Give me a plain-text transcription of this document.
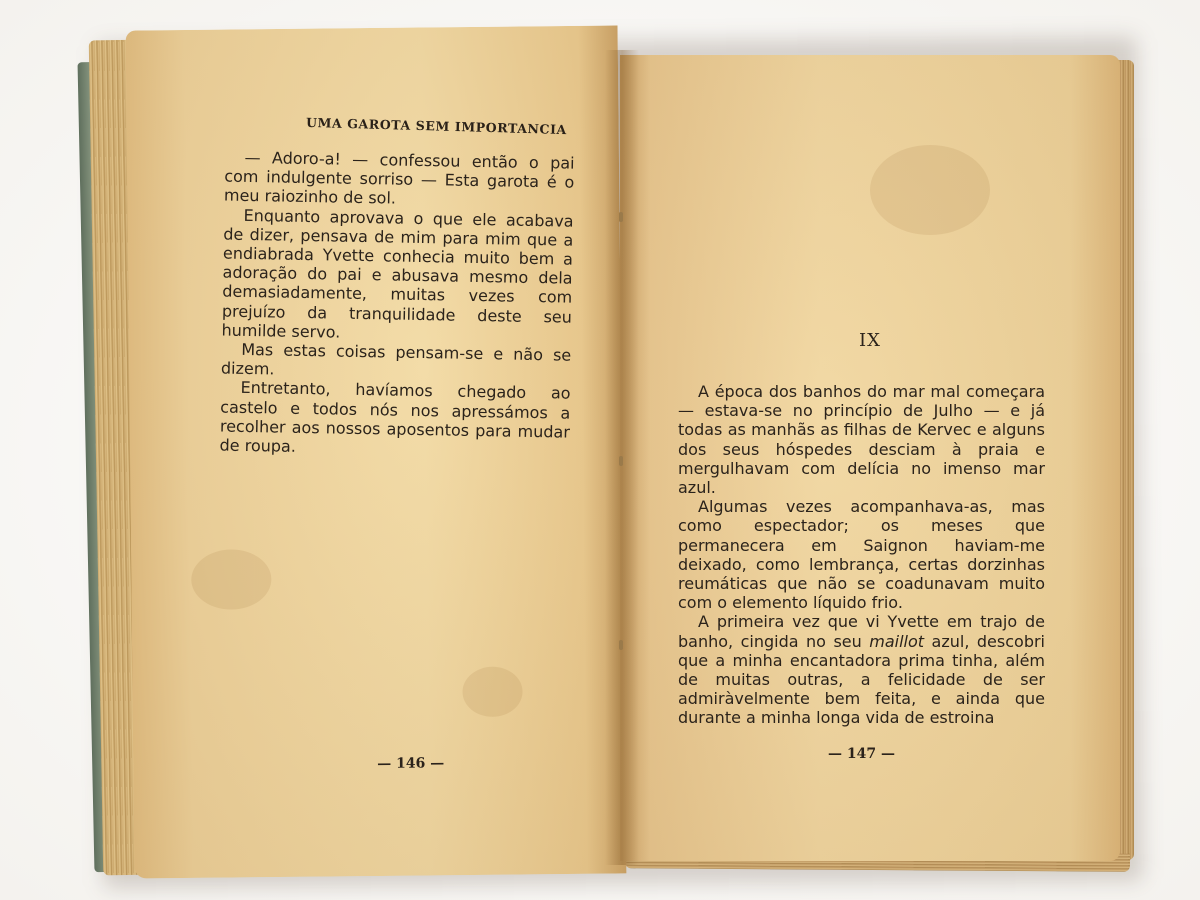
UMA GAROTA SEM IMPORTANCIA

— Adoro-a! — confessou então o pai com indulgente sorriso — Esta garota é o meu raiozinho de sol.

Enquanto aprovava o que ele acabava de dizer, pensava de mim para mim que a endiabrada Yvette conhecia muito bem a adoração do pai e abusava mesmo dela demasiadamente, muitas vezes com prejuízo da tranquilidade deste seu humilde servo.

Mas estas coisas pensam-se e não se dizem.

Entretanto, havíamos chegado ao castelo e todos nós nos apressámos a recolher aos nossos aposentos para mudar de roupa.

— 146 —
IX

A época dos banhos do mar mal começara — estava-se no princípio de Julho — e já todas as manhãs as filhas de Kervec e alguns dos seus hóspedes desciam à praia e mergulhavam com delícia no imenso mar azul.

Algumas vezes acompanhava-as, mas como espectador; os meses que permanecera em Saignon haviam-me deixado, como lembrança, certas dorzinhas reumáticas que não se coadunavam muito com o elemento líquido frio.

A primeira vez que vi Yvette em trajo de banho, cingida no seu maillot azul, descobri que a minha encantadora prima tinha, além de muitas outras, a felicidade de ser admiràvelmente bem feita, e ainda que durante a minha longa vida de estroina

— 147 —
